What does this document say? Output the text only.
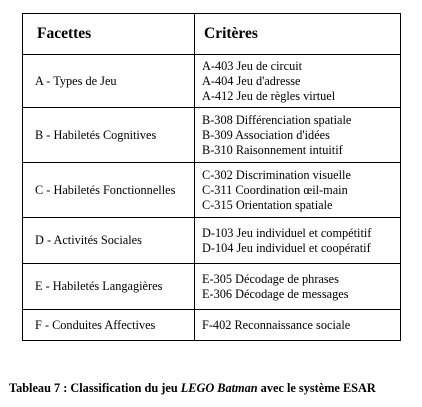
Facettes	Critères
A - Types de Jeu	A-403 Jeu de circuit
A-404 Jeu d'adresse
A-412 Jeu de règles virtuel

B - Habiletés Cognitives	B-308 Différenciation spatiale
B-309 Association d'idées
B-310 Raisonnement intuitif

C - Habiletés Fonctionnelles	C-302 Discrimination visuelle
C-311 Coordination œil-main
C-315 Orientation spatiale

D - Activités Sociales	D-103 Jeu individuel et compétitif
D-104 Jeu individuel et coopératif

E - Habiletés Langagières	E-305 Décodage de phrases
E-306 Décodage de messages

F - Conduites Affectives	F-402 Reconnaissance sociale
Tableau 7 : Classification du jeu LEGO Batman avec le système ESAR
